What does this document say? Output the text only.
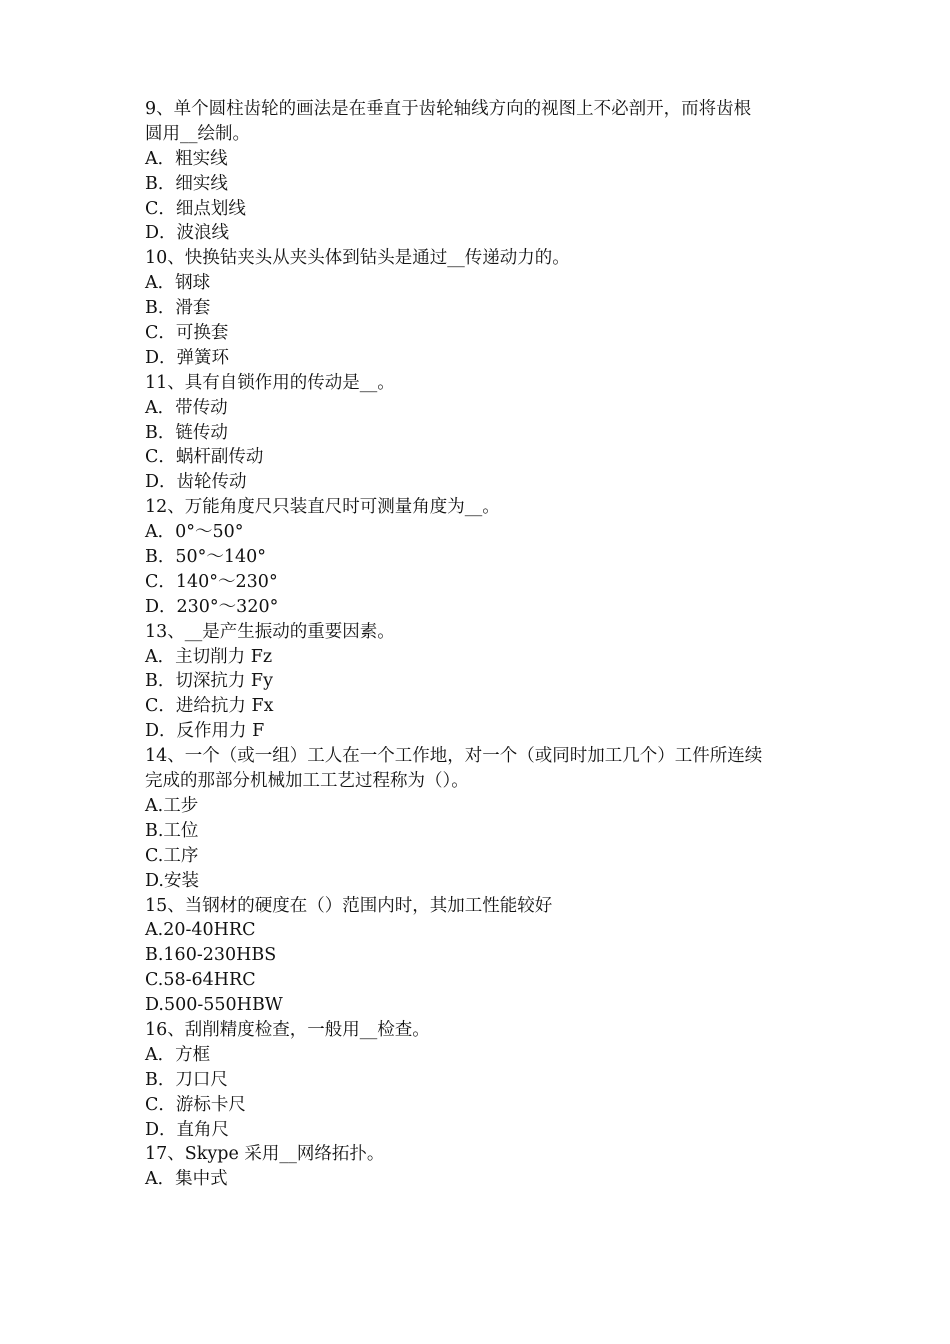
9、单个圆柱齿轮的画法是在垂直于齿轮轴线方向的视图上不必剖开，而将齿根
圆用__绘制。
A．粗实线
B．细实线
C．细点划线
D．波浪线
10、快换钻夹头从夹头体到钻头是通过__传递动力的。
A．钢球
B．滑套
C．可换套
D．弹簧环
11、具有自锁作用的传动是__。
A．带传动
B．链传动
C．蜗杆副传动
D．齿轮传动
12、万能角度尺只装直尺时可测量角度为__。
A．0°～50°
B．50°～140°
C．140°～230°
D．230°～320°
13、__是产生振动的重要因素。
A．主切削力 Fz
B．切深抗力 Fy
C．进给抗力 Fx
D．反作用力 F
14、一个（或一组）工人在一个工作地，对一个（或同时加工几个）工件所连续
完成的那部分机械加工工艺过程称为（）。
A.工步
B.工位
C.工序
D.安装
15、当钢材的硬度在（）范围内时，其加工性能较好
A.20-40HRC
B.160-230HBS
C.58-64HRC
D.500-550HBW
16、刮削精度检查，一般用__检查。
A．方框
B．刀口尺
C．游标卡尺
D．直角尺
17、Skype 采用__网络拓扑。
A．集中式
